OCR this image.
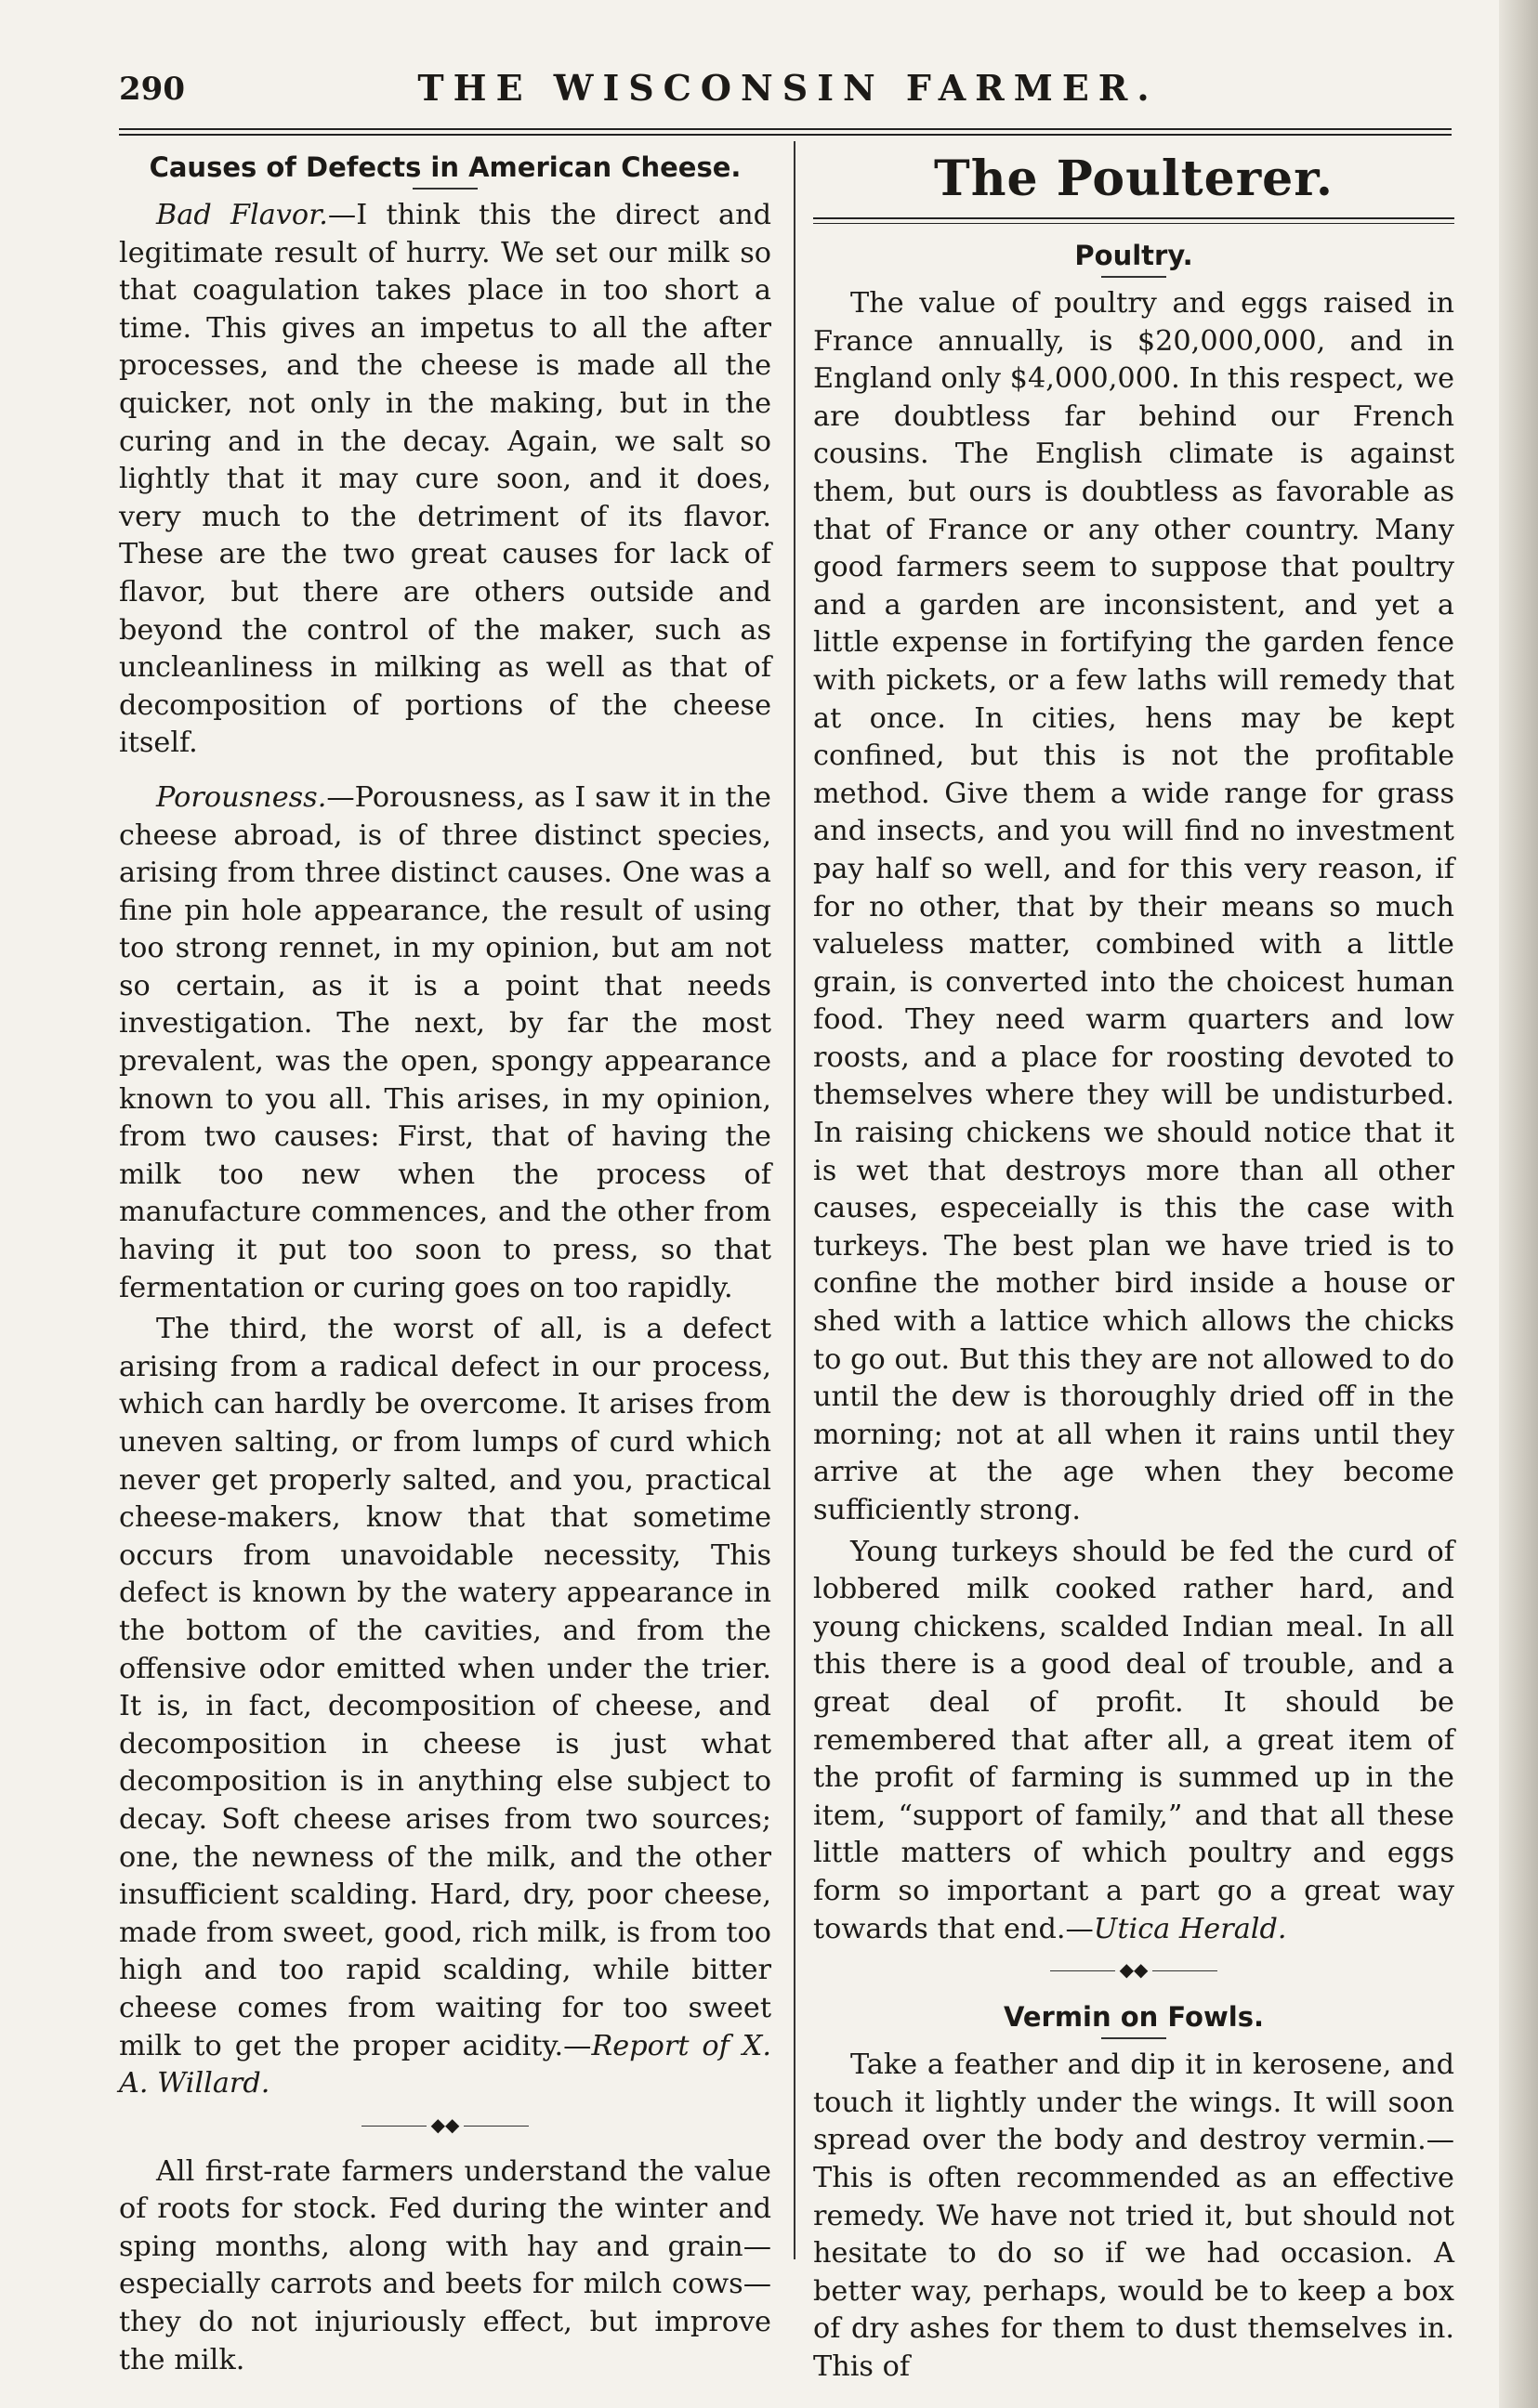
THE WISCONSIN FARMER.
290
Causes of Defects in American Cheese.

Bad Flavor.—I think this the direct and legitimate result of hurry. We set our milk so that coagulation takes place in too short a time. This gives an impetus to all the after processes, and the cheese is made all the quicker, not only in the making, but in the curing and in the decay. Again, we salt so lightly that it may cure soon, and it does, very much to the detriment of its flavor. These are the two great causes for lack of flavor, but there are others outside and beyond the control of the maker, such as uncleanliness in milking as well as that of decomposition of portions of the cheese itself.

Porousness.—Porousness, as I saw it in the cheese abroad, is of three distinct species, arising from three distinct causes. One was a fine pin hole appearance, the result of using too strong rennet, in my opinion, but am not so certain, as it is a point that needs investigation. The next, by far the most prevalent, was the open, spongy appearance known to you all. This arises, in my opinion, from two causes: First, that of having the milk too new when the process of manufacture commences, and the other from having it put too soon to press, so that fermentation or curing goes on too rapidly.

The third, the worst of all, is a defect arising from a radical defect in our process, which can hardly be overcome. It arises from uneven salting, or from lumps of curd which never get properly salted, and you, practical cheese-makers, know that that sometime occurs from unavoidable necessity, This defect is known by the watery appearance in the bottom of the cavities, and from the offensive odor emitted when under the trier. It is, in fact, decomposition of cheese, and decomposition in cheese is just what decomposition is in anything else subject to decay. Soft cheese arises from two sources; one, the newness of the milk, and the other insufficient scalding. Hard, dry, poor cheese, made from sweet, good, rich milk, is from too high and too rapid scalding, while bitter cheese comes from waiting for too sweet milk to get the proper acidity.—Report of X. A. Willard.

◆◆

All first-rate farmers understand the value of roots for stock. Fed during the winter and sping months, along with hay and grain—especially carrots and beets for milch cows—they do not injuriously effect, but improve the milk.

The Poulterer.
Poultry.

The value of poultry and eggs raised in France annually, is $20,000,000, and in England only $4,000,000. In this respect, we are doubtless far behind our French cousins. The English climate is against them, but ours is doubtless as favorable as that of France or any other country. Many good farmers seem to suppose that poultry and a garden are inconsistent, and yet a little expense in fortifying the garden fence with pickets, or a few laths will remedy that at once. In cities, hens may be kept confined, but this is not the profitable method. Give them a wide range for grass and insects, and you will find no investment pay half so well, and for this very reason, if for no other, that by their means so much valueless matter, combined with a little grain, is converted into the choicest human food. They need warm quarters and low roosts, and a place for roosting devoted to themselves where they will be undisturbed. In raising chickens we should notice that it is wet that destroys more than all other causes, especeially is this the case with turkeys. The best plan we have tried is to confine the mother bird inside a house or shed with a lattice which allows the chicks to go out. But this they are not allowed to do until the dew is thoroughly dried off in the morning; not at all when it rains until they arrive at the age when they become sufficiently strong.

Young turkeys should be fed the curd of lobbered milk cooked rather hard, and young chickens, scalded Indian meal. In all this there is a good deal of trouble, and a great deal of profit. It should be remembered that after all, a great item of the profit of farming is summed up in the item, “support of family,” and that all these little matters of which poultry and eggs form so important a part go a great way towards that end.—Utica Herald.

◆◆
Vermin on Fowls.

Take a feather and dip it in kerosene, and touch it lightly under the wings. It will soon spread over the body and destroy vermin.—This is often recommended as an effective remedy. We have not tried it, but should not hesitate to do so if we had occasion. A better way, perhaps, would be to keep a box of dry ashes for them to dust themselves in. This of
